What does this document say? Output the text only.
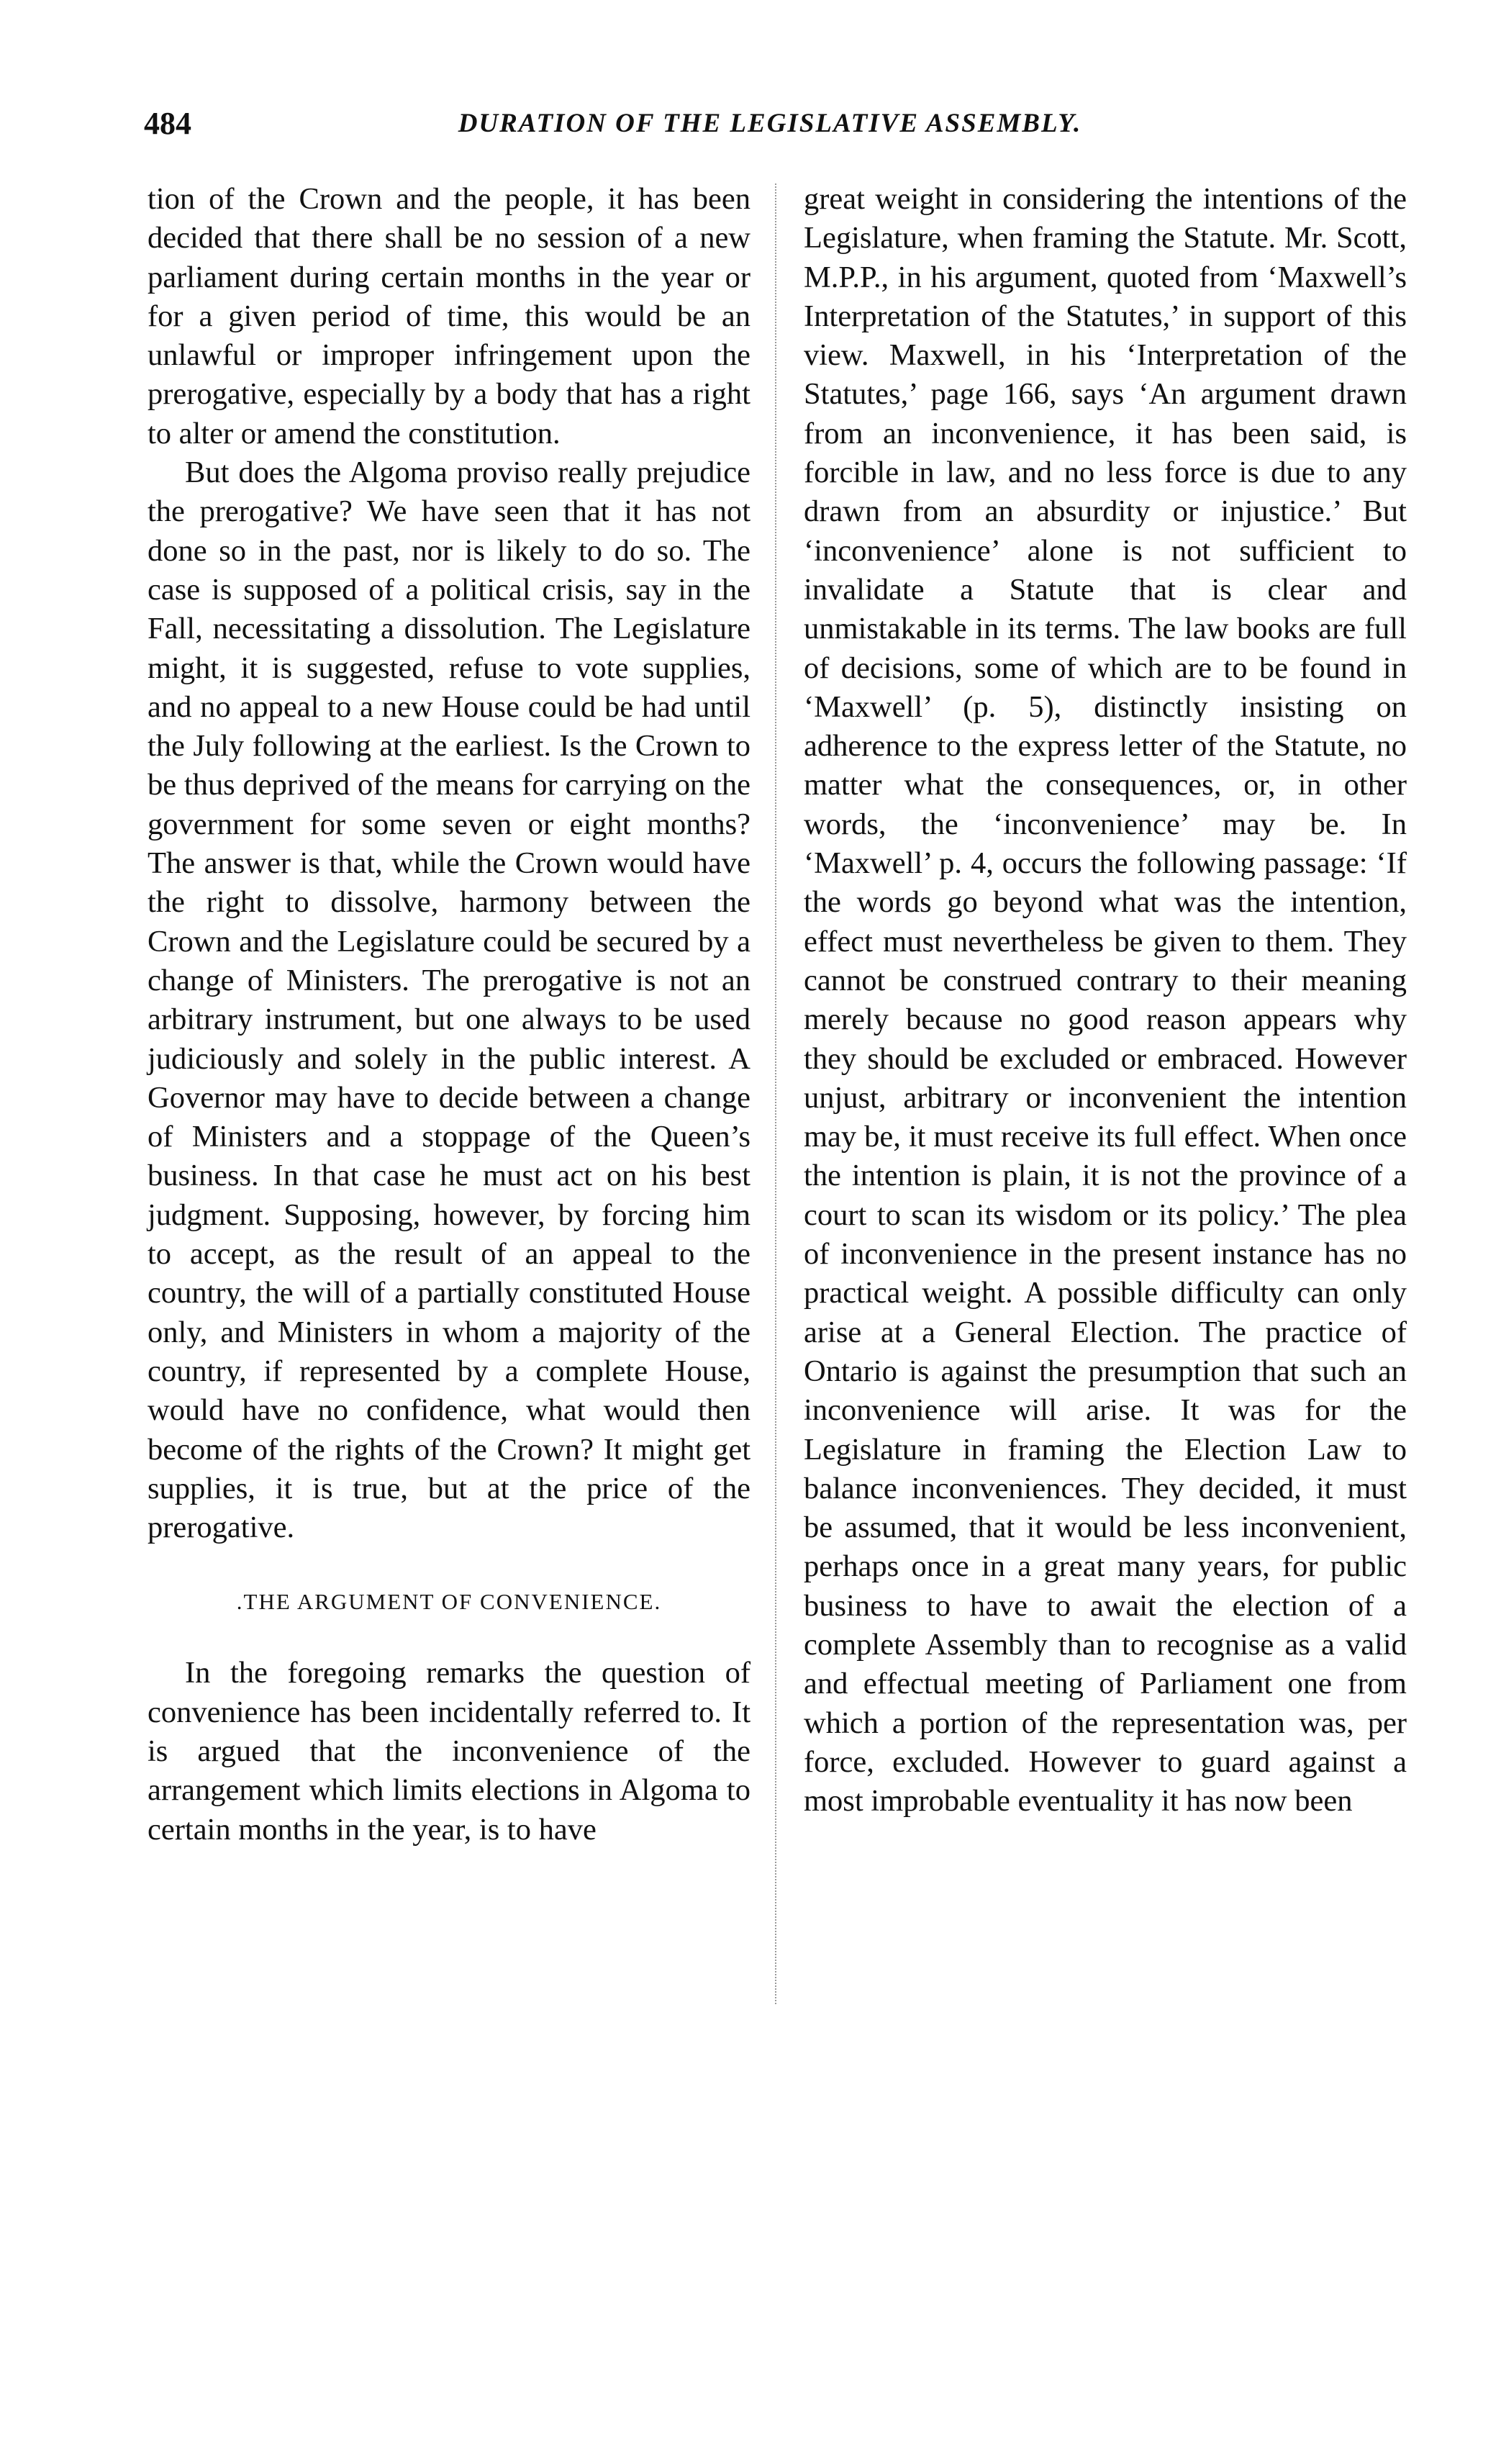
484	DURATION OF THE LEGISLATIVE ASSEMBLY.

tion of the Crown and the people, it has been decided that there shall be no session of a new parliament during certain months in the year or for a given period of time, this would be an unlawful or improper infringement upon the prerogative, especially by a body that has a right to alter or amend the constitution.

But does the Algoma proviso really prejudice the prerogative? We have seen that it has not done so in the past, nor is likely to do so. The case is supposed of a political crisis, say in the Fall, necessitating a dissolution. The Legislature might, it is suggested, refuse to vote supplies, and no appeal to a new House could be had until the July following at the earliest. Is the Crown to be thus deprived of the means for carrying on the government for some seven or eight months? The answer is that, while the Crown would have the right to dissolve, harmony between the Crown and the Legislature could be secured by a change of Ministers. The prerogative is not an arbitrary instrument, but one always to be used judiciously and solely in the public interest. A Governor may have to decide between a change of Ministers and a stoppage of the Queen’s business. In that case he must act on his best judgment. Supposing, however, by forcing him to accept, as the result of an appeal to the country, the will of a partially constituted House only, and Ministers in whom a majority of the country, if represented by a complete House, would have no confidence, what would then become of the rights of the Crown? It might get supplies, it is true, but at the price of the prerogative.

.THE ARGUMENT OF CONVENIENCE.

In the foregoing remarks the question of convenience has been incidentally referred to. It is argued that the inconvenience of the arrangement which limits elections in Algoma to certain months in the year, is to have

great weight in considering the intentions of the Legislature, when framing the Statute. Mr. Scott, M.P.P., in his argument, quoted from ‘Maxwell’s Interpretation of the Statutes,’ in support of this view. Maxwell, in his ‘Interpretation of the Statutes,’ page 166, says ‘An argument drawn from an inconvenience, it has been said, is forcible in law, and no less force is due to any drawn from an absurdity or injustice.’ But ‘inconvenience’ alone is not sufficient to invalidate a Statute that is clear and unmistakable in its terms. The law books are full of decisions, some of which are to be found in ‘Maxwell’ (p. 5), distinctly insisting on adherence to the express letter of the Statute, no matter what the consequences, or, in other words, the ‘inconvenience’ may be. In ‘Maxwell’ p. 4, occurs the following passage: ‘If the words go beyond what was the intention, effect must nevertheless be given to them. They cannot be construed contrary to their meaning merely because no good reason appears why they should be excluded or embraced. However unjust, arbitrary or inconvenient the intention may be, it must receive its full effect. When once the intention is plain, it is not the province of a court to scan its wisdom or its policy.’ The plea of inconvenience in the present instance has no practical weight. A possible difficulty can only arise at a General Election. The practice of Ontario is against the presumption that such an inconvenience will arise. It was for the Legislature in framing the Election Law to balance inconveniences. They decided, it must be assumed, that it would be less inconvenient, perhaps once in a great many years, for public business to have to await the election of a complete Assembly than to recognise as a valid and effectual meeting of Parliament one from which a portion of the representation was, per force, excluded. However to guard against a most improbable eventuality it has now been
